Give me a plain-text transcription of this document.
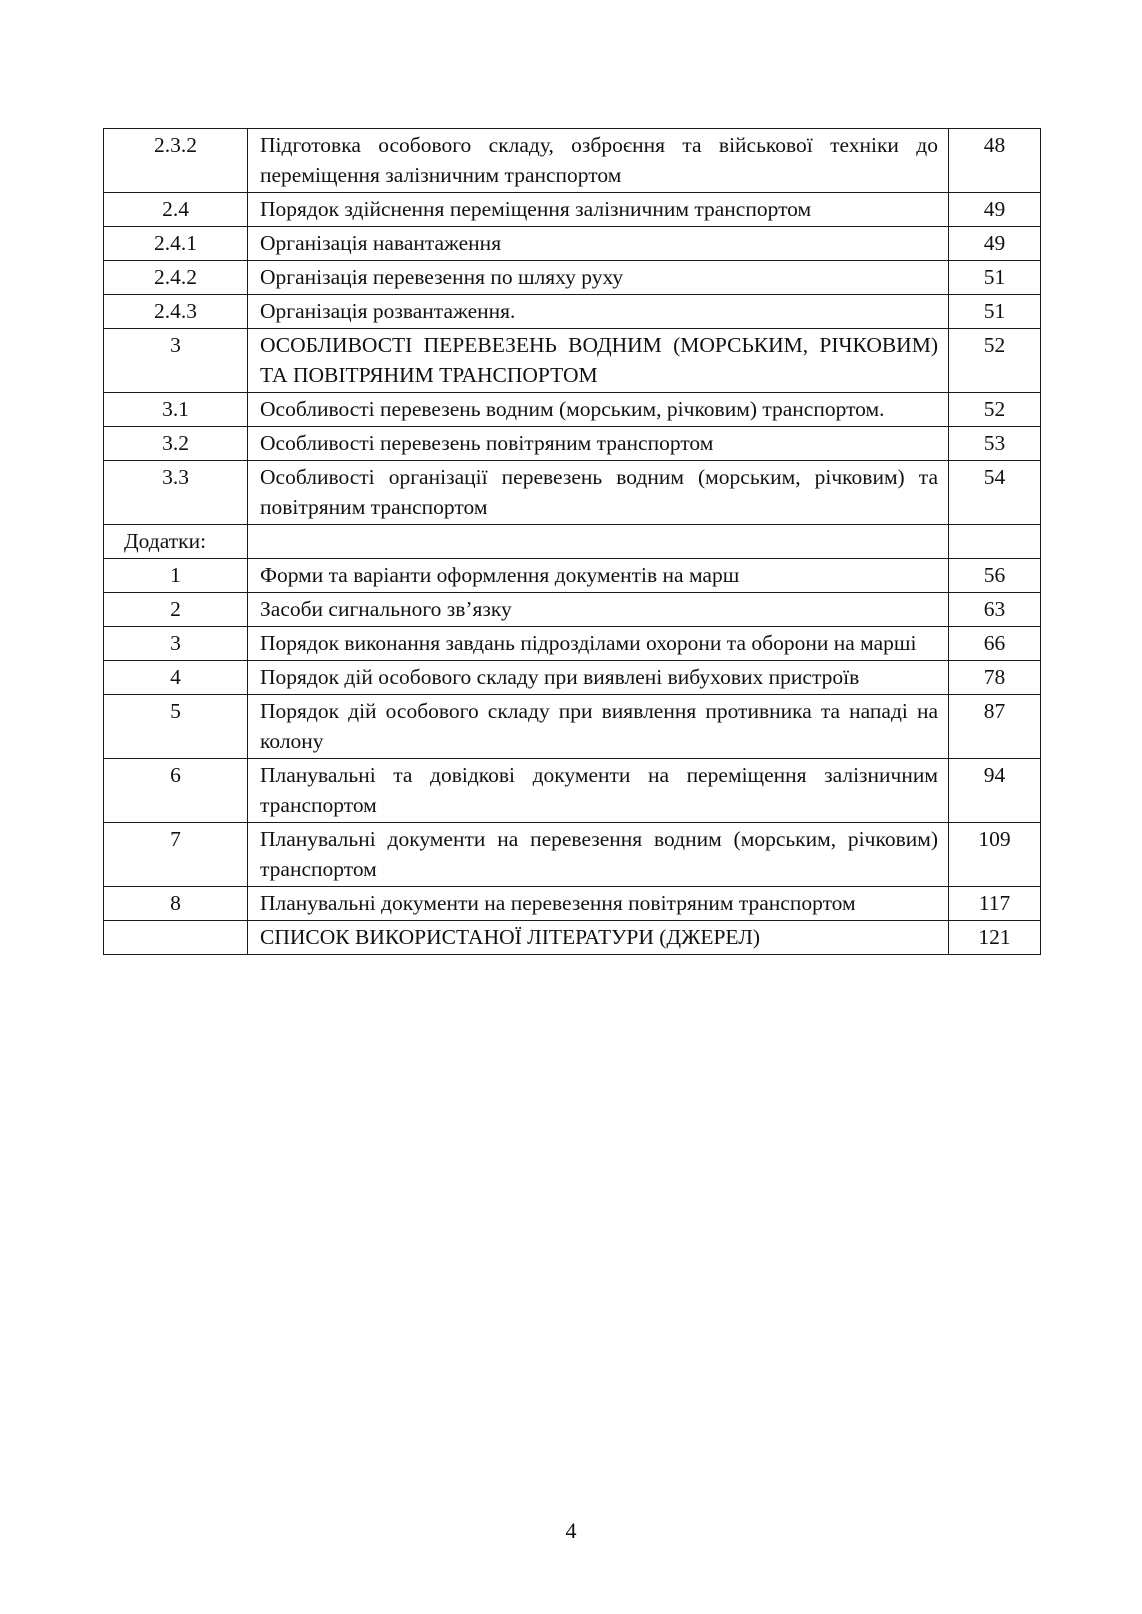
2.3.2	Підготовка особового складу, озброєння та військової техніки до переміщення залізничним транспортом	48
2.4	Порядок здійснення переміщення залізничним транспортом	49
2.4.1	Організація навантаження	49
2.4.2	Організація перевезення по шляху руху	51
2.4.3	Організація розвантаження.	51
3	ОСОБЛИВОСТІ ПЕРЕВЕЗЕНЬ ВОДНИМ (МОРСЬКИМ, РІЧКОВИМ) ТА ПОВІТРЯНИМ ТРАНСПОРТОМ	52
3.1	Особливості перевезень водним (морським, річковим) транспортом.	52
3.2	Особливості перевезень повітряним транспортом	53
3.3	Особливості організації перевезень водним (морським, річковим) та повітряним транспортом	54
Додатки:		
1	Форми та варіанти оформлення документів на марш	56
2	Засоби сигнального зв’язку	63
3	Порядок виконання завдань підрозділами охорони та оборони на марші	66
4	Порядок дій особового складу при виявлені вибухових пристроїв	78
5	Порядок дій особового складу при виявлення противника та нападі на колону	87
6	Планувальні та довідкові документи на переміщення залізничним транспортом	94
7	Планувальні документи на перевезення водним (морським, річковим) транспортом	109
8	Планувальні документи на перевезення повітряним транспортом	117
	СПИСОК ВИКОРИСТАНОЇ ЛІТЕРАТУРИ (ДЖЕРЕЛ)	121
4
